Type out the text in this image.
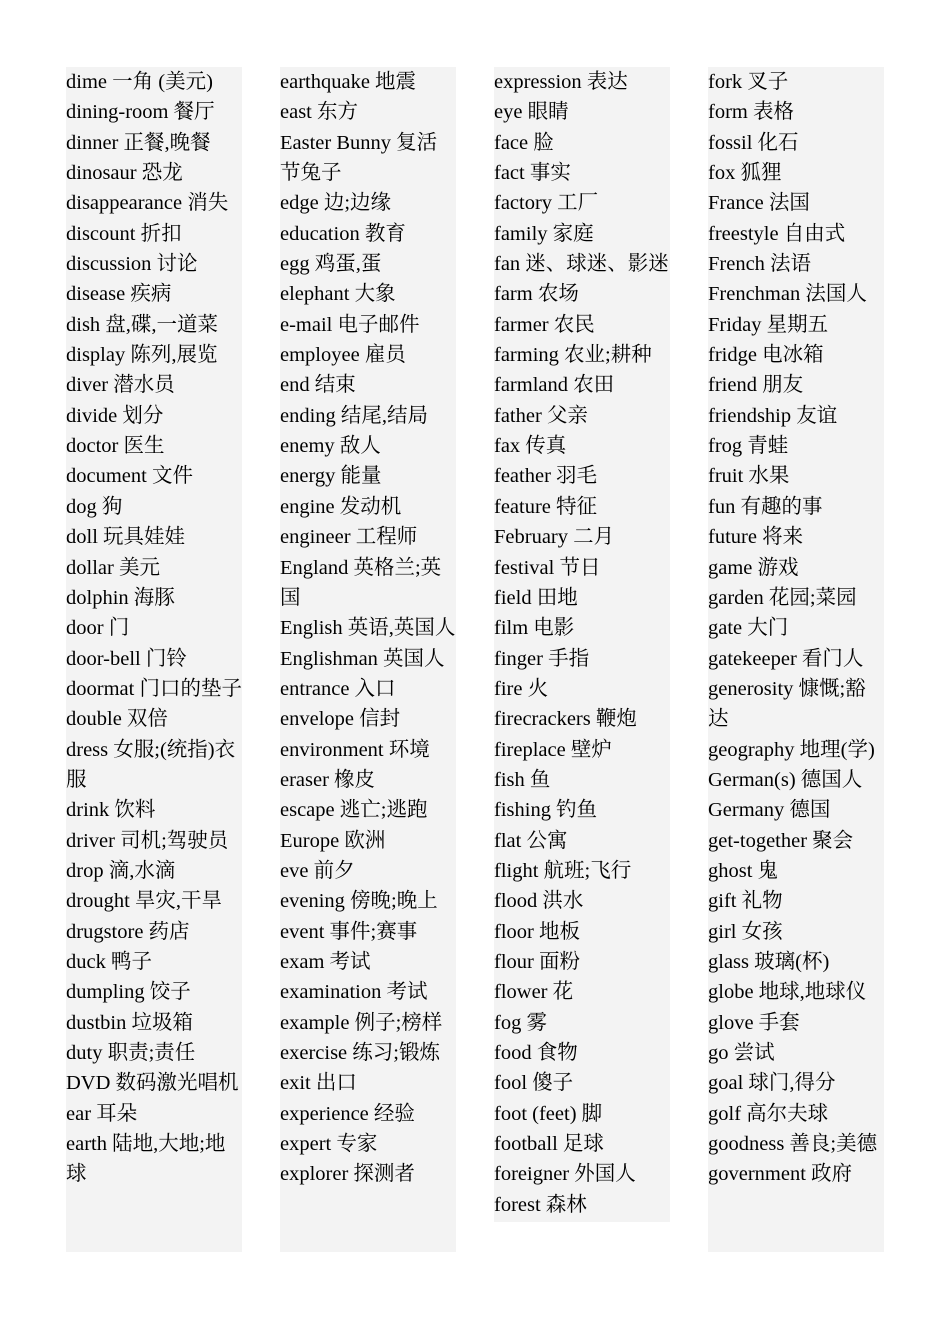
dime 一角 (美元)
dining-room 餐厅
dinner 正餐,晚餐
dinosaur 恐龙
disappearance 消失
discount 折扣
discussion 讨论
disease 疾病
dish 盘,碟,一道菜
display 陈列,展览
diver 潜水员
divide 划分
doctor 医生
document 文件
dog 狗
doll 玩具娃娃
dollar 美元
dolphin 海豚
door 门
door-bell 门铃
doormat 门口的垫子
double 双倍
dress 女服;(统指)衣服
drink 饮料
driver 司机;驾驶员
drop 滴,水滴
drought 旱灾,干旱
drugstore 药店
duck 鸭子
dumpling 饺子
dustbin 垃圾箱
duty 职责;责任
DVD 数码激光唱机
ear 耳朵
earth 陆地,大地;地球
earthquake 地震
east 东方
Easter Bunny 复活节兔子
edge 边;边缘
education 教育
egg 鸡蛋,蛋
elephant 大象
e-mail 电子邮件
employee 雇员
end 结束
ending 结尾,结局
enemy 敌人
energy 能量
engine 发动机
engineer 工程师
England 英格兰;英国
English 英语,英国人
Englishman 英国人
entrance 入口
envelope 信封
environment 环境
eraser 橡皮
escape 逃亡;逃跑
Europe 欧洲
eve 前夕
evening 傍晚;晚上
event 事件;赛事
exam 考试
examination 考试
example 例子;榜样
exercise 练习;锻炼
exit 出口
experience 经验
expert 专家
explorer 探测者
expression 表达
eye 眼睛
face 脸
fact 事实
factory 工厂
family 家庭
fan 迷、球迷、影迷
farm 农场
farmer 农民
farming 农业;耕种
farmland 农田
father 父亲
fax 传真
feather 羽毛
feature 特征
February 二月
festival 节日
field 田地
film 电影
finger 手指
fire 火
firecrackers 鞭炮
fireplace 壁炉
fish 鱼
fishing 钓鱼
flat 公寓
flight 航班;飞行
flood 洪水
floor 地板
flour 面粉
flower 花
fog 雾
food 食物
fool 傻子
foot (feet) 脚
football 足球
foreigner 外国人
forest 森林
fork 叉子
form 表格
fossil 化石
fox 狐狸
France 法国
freestyle 自由式
French 法语
Frenchman 法国人
Friday 星期五
fridge 电冰箱
friend 朋友
friendship 友谊
frog 青蛙
fruit 水果
fun 有趣的事
future 将来
game 游戏
garden 花园;菜园
gate 大门
gatekeeper 看门人
generosity 慷慨;豁达
geography 地理(学)
German(s) 德国人
Germany 德国
get-together 聚会
ghost 鬼
gift 礼物
girl 女孩
glass 玻璃(杯)
globe 地球,地球仪
glove 手套
go 尝试
goal 球门,得分
golf 高尔夫球
goodness 善良;美德
government 政府
